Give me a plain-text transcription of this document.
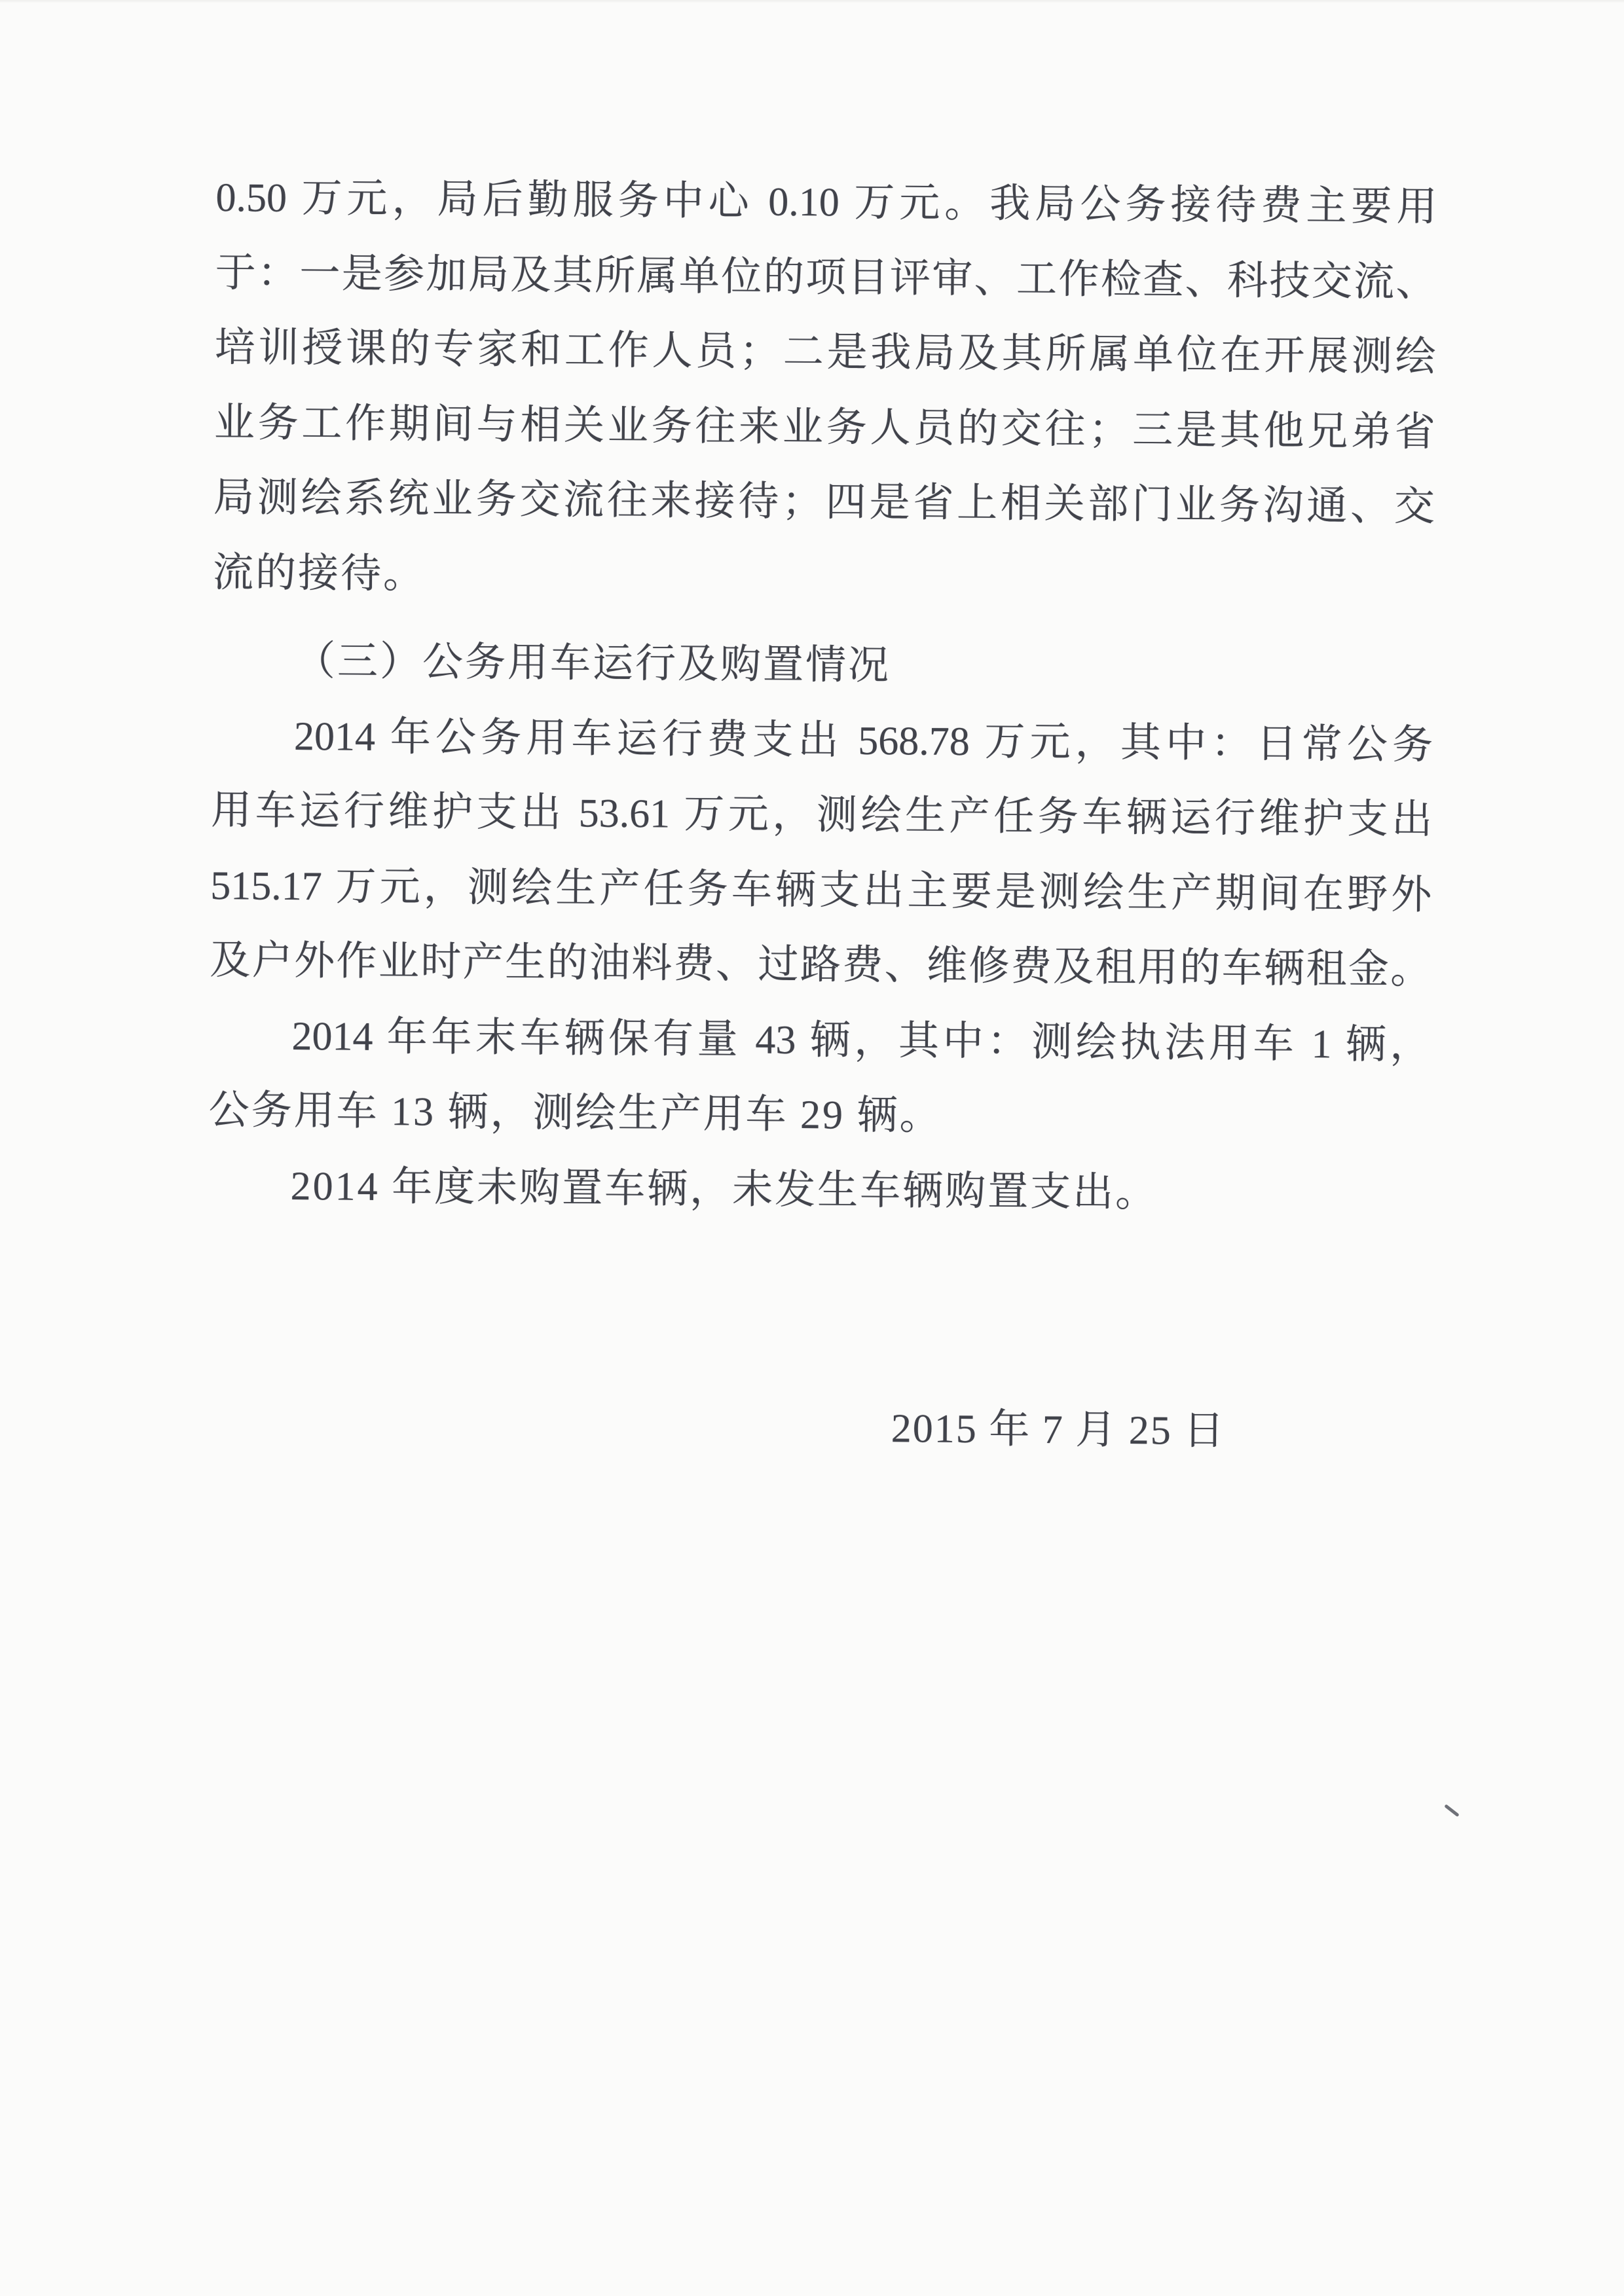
0.50 万元，局后勤服务中心 0.10 万元。我局公务接待费主要用
于：一是参加局及其所属单位的项目评审、工作检查、科技交流、
培训授课的专家和工作人员；二是我局及其所属单位在开展测绘
业务工作期间与相关业务往来业务人员的交往；三是其他兄弟省
局测绘系统业务交流往来接待；四是省上相关部门业务沟通、交
流的接待。
（三）公务用车运行及购置情况
2014 年公务用车运行费支出 568.78 万元，其中：日常公务
用车运行维护支出 53.61 万元，测绘生产任务车辆运行维护支出
515.17 万元，测绘生产任务车辆支出主要是测绘生产期间在野外
及户外作业时产生的油料费、过路费、维修费及租用的车辆租金。
2014 年年末车辆保有量 43 辆，其中：测绘执法用车 1 辆，
公务用车 13 辆，测绘生产用车 29 辆。
2014 年度未购置车辆，未发生车辆购置支出。
2015 年 7 月 25 日
